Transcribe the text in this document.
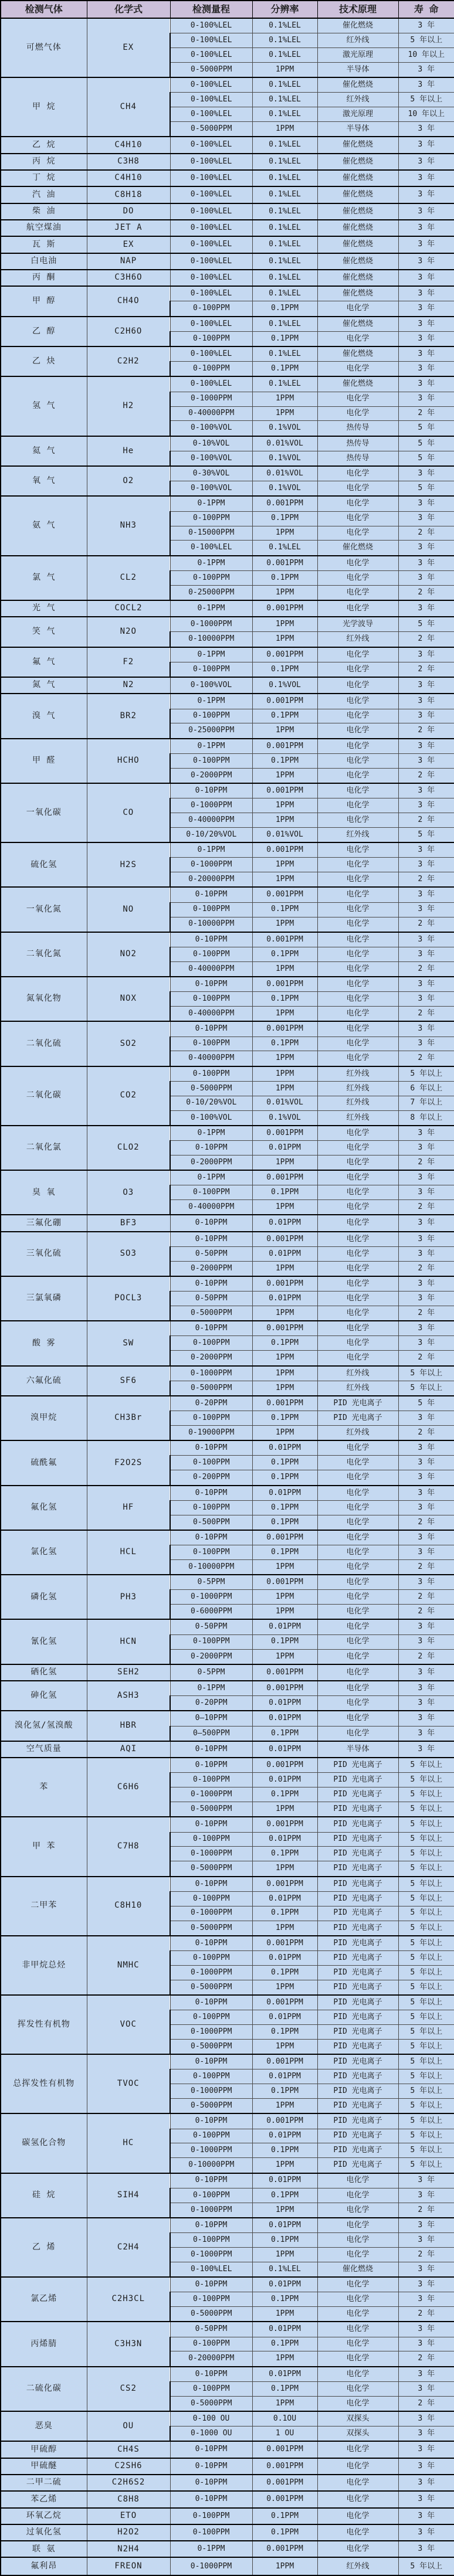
检测气体	化学式	检测量程	分辨率	技术原理	寿 命
可燃气体	EX	0-100%LEL	0.1%LEL	催化燃烧	3 年
		0-100%LEL	0.1%LEL	红外线	5 年以上
		0-100%LEL	0.1%LEL	激光原理	10 年以上
		0-5000PPM	1PPM	半导体	3 年
甲 烷	CH4	0-100%LEL	0.1%LEL	催化燃烧	3 年
		0-100%LEL	0.1%LEL	红外线	5 年以上
		0-100%LEL	0.1%LEL	激光原理	10 年以上
		0-5000PPM	1PPM	半导体	3 年
乙 烷	C4H10	0-100%LEL	0.1%LEL	催化燃烧	3 年
丙 烷	C3H8	0-100%LEL	0.1%LEL	催化燃烧	3 年
丁 烷	C4H10	0-100%LEL	0.1%LEL	催化燃烧	3 年
汽 油	C8H18	0-100%LEL	0.1%LEL	催化燃烧	3 年
柴 油	DO	0-100%LEL	0.1%LEL	催化燃烧	3 年
航空煤油	JET A	0-100%LEL	0.1%LEL	催化燃烧	3 年
瓦 斯	EX	0-100%LEL	0.1%LEL	催化燃烧	3 年
白电油	NAP	0-100%LEL	0.1%LEL	催化燃烧	3 年
丙 酮	C3H6O	0-100%LEL	0.1%LEL	催化燃烧	3 年
甲 醇	CH4O	0-100%LEL	0.1%LEL	催化燃烧	3 年
		0-100PPM	0.1PPM	电化学	3 年
乙 醇	C2H6O	0-100%LEL	0.1%LEL	催化燃烧	3 年
		0-100PPM	0.1PPM	电化学	3 年
乙 炔	C2H2	0-100%LEL	0.1%LEL	催化燃烧	3 年
		0-100PPM	0.1PPM	电化学	3 年
氢 气	H2	0-100%LEL	0.1%LEL	催化燃烧	3 年
		0-1000PPM	1PPM	电化学	3 年
		0-40000PPM	1PPM	电化学	2 年
		0-100%VOL	0.1%VOL	热传导	5 年
氦 气	He	0-10%VOL	0.01%VOL	热传导	5 年
		0-100%VOL	0.1%VOL	热传导	5 年
氧 气	O2	0-30%VOL	0.01%VOL	电化学	3 年
		0-100%VOL	0.1%VOL	电化学	5 年
氨 气	NH3	0-1PPM	0.001PPM	电化学	3 年
		0-100PPM	0.1PPM	电化学	3 年
		0-15000PPM	1PPM	电化学	2 年
		0-100%LEL	0.1%LEL	催化燃烧	3 年
氯 气	CL2	0-1PPM	0.001PPM	电化学	3 年
		0-100PPM	0.1PPM	电化学	3 年
		0-25000PPM	1PPM	电化学	2 年
光 气	COCL2	0-1PPM	0.001PPM	电化学	3 年
笑 气	N2O	0-1000PPM	1PPM	光学波导	5 年
		0-10000PPM	1PPM	红外线	2 年
氟 气	F2	0-1PPM	0.001PPM	电化学	3 年
		0-100PPM	0.1PPM	电化学	2 年
氮 气	N2	0-100%VOL	0.1%VOL	电化学	3 年
溴 气	BR2	0-1PPM	0.001PPM	电化学	3 年
		0-100PPM	0.1PPM	电化学	3 年
		0-25000PPM	1PPM	电化学	2 年
甲 醛	HCHO	0-1PPM	0.001PPM	电化学	3 年
		0-100PPM	0.1PPM	电化学	3 年
		0-2000PPM	1PPM	电化学	2 年
一氧化碳	CO	0-10PPM	0.001PPM	电化学	3 年
		0-1000PPM	1PPM	电化学	3 年
		0-40000PPM	1PPM	电化学	2 年
		0-10/20%VOL	0.01%VOL	红外线	5 年
硫化氢	H2S	0-1PPM	0.001PPM	电化学	3 年
		0-1000PPM	1PPM	电化学	3 年
		0-20000PPM	1PPM	电化学	2 年
一氧化氮	NO	0-10PPM	0.001PPM	电化学	3 年
		0-100PPM	0.1PPM	电化学	3 年
		0-10000PPM	1PPM	电化学	2 年
二氧化氮	NO2	0-10PPM	0.001PPM	电化学	3 年
		0-100PPM	0.1PPM	电化学	3 年
		0-40000PPM	1PPM	电化学	2 年
氮氧化物	NOX	0-10PPM	0.001PPM	电化学	3 年
		0-100PPM	0.1PPM	电化学	3 年
		0-40000PPM	1PPM	电化学	2 年
二氧化硫	SO2	0-10PPM	0.001PPM	电化学	3 年
		0-100PPM	0.1PPM	电化学	3 年
		0-40000PPM	1PPM	电化学	2 年
二氧化碳	CO2	0-100PPM	1PPM	红外线	5 年以上
		0-5000PPM	1PPM	红外线	6 年以上
		0-10/20%VOL	0.01%VOL	红外线	7 年以上
		0-100%VOL	0.1%VOL	红外线	8 年以上
二氧化氯	CLO2	0-1PPM	0.001PPM	电化学	3 年
		0-10PPM	0.01PPM	电化学	3 年
		0-2000PPM	1PPM	电化学	2 年
臭 氧	O3	0-1PPM	0.001PPM	电化学	3 年
		0-100PPM	0.1PPM	电化学	3 年
		0-40000PPM	1PPM	电化学	2 年
三氟化硼	BF3	0-10PPM	0.01PPM	电化学	3 年
三氧化硫	SO3	0-10PPM	0.001PPM	电化学	3 年
		0-50PPM	0.01PPM	电化学	3 年
		0-2000PPM	1PPM	电化学	2 年
三氯氧磷	POCL3	0-10PPM	0.001PPM	电化学	3 年
		0-50PPM	0.01PPM	电化学	3 年
		0-5000PPM	1PPM	电化学	2 年
酸 雾	SW	0-10PPM	0.001PPM	电化学	3 年
		0-100PPM	0.1PPM	电化学	3 年
		0-2000PPM	1PPM	电化学	2 年
六氟化硫	SF6	0-1000PPM	1PPM	红外线	5 年以上
		0-5000PPM	1PPM	红外线	5 年以上
溴甲烷	CH3Br	0-20PPM	0.001PPM	PID 光电离子	5 年
		0-100PPM	0.1PPM	PID 光电离子	3 年
		0-19000PPM	1PPM	红外线	2 年
硫酰氟	F2O2S	0-10PPM	0.01PPM	电化学	3 年
		0-100PPM	0.1PPM	电化学	3 年
		0-200PPM	0.1PPM	电化学	3 年
氟化氢	HF	0-10PPM	0.01PPM	电化学	3 年
		0-100PPM	0.1PPM	电化学	3 年
		0-500PPM	0.1PPM	电化学	2 年
氯化氢	HCL	0-10PPM	0.001PPM	电化学	3 年
		0-100PPM	0.1PPM	电化学	3 年
		0-10000PPM	1PPM	电化学	2 年
磷化氢	PH3	0-5PPM	0.001PPM	电化学	3 年
		0-1000PPM	1PPM	电化学	2 年
		0-6000PPM	1PPM	电化学	2 年
氰化氢	HCN	0-50PPM	0.01PPM	电化学	3 年
		0-100PPM	0.1PPM	电化学	3 年
		0-2000PPM	1PPM	电化学	2 年
硒化氢	SEH2	0-5PPM	0.001PPM	电化学	3 年
砷化氢	ASH3	0-1PPM	0.001PPM	电化学	3 年
		0-20PPM	0.01PPM	电化学	3 年
溴化氢/氢溴酸	HBR	0—10PPM	0.01PPM	电化学	3 年
		0—500PPM	0.1PPM	电化学	3 年
空气质量	AQI	0-10PPM	0.01PPM	半导体	3 年
苯	C6H6	0-10PPM	0.001PPM	PID 光电离子	5 年以上
		0-100PPM	0.01PPM	PID 光电离子	5 年以上
		0-1000PPM	0.1PPM	PID 光电离子	5 年以上
		0-5000PPM	1PPM	PID 光电离子	5 年以上
甲 苯	C7H8	0-10PPM	0.001PPM	PID 光电离子	5 年以上
		0-100PPM	0.01PPM	PID 光电离子	5 年以上
		0-1000PPM	0.1PPM	PID 光电离子	5 年以上
		0-5000PPM	1PPM	PID 光电离子	5 年以上
二甲苯	C8H10	0-10PPM	0.001PPM	PID 光电离子	5 年以上
		0-100PPM	0.01PPM	PID 光电离子	5 年以上
		0-1000PPM	0.1PPM	PID 光电离子	5 年以上
		0-5000PPM	1PPM	PID 光电离子	5 年以上
非甲烷总烃	NMHC	0-10PPM	0.001PPM	PID 光电离子	5 年以上
		0-100PPM	0.01PPM	PID 光电离子	5 年以上
		0-1000PPM	0.1PPM	PID 光电离子	5 年以上
		0-5000PPM	1PPM	PID 光电离子	5 年以上
挥发性有机物	VOC	0-10PPM	0.001PPM	PID 光电离子	5 年以上
		0-100PPM	0.01PPM	PID 光电离子	5 年以上
		0-1000PPM	0.1PPM	PID 光电离子	5 年以上
		0-5000PPM	1PPM	PID 光电离子	5 年以上
总挥发性有机物	TVOC	0-10PPM	0.001PPM	PID 光电离子	5 年以上
		0-100PPM	0.01PPM	PID 光电离子	5 年以上
		0-1000PPM	0.1PPM	PID 光电离子	5 年以上
		0-5000PPM	1PPM	PID 光电离子	5 年以上
碳氢化合物	HC	0-10PPM	0.001PPM	PID 光电离子	5 年以上
		0-100PPM	0.01PPM	PID 光电离子	5 年以上
		0-1000PPM	0.1PPM	PID 光电离子	5 年以上
		0-10000PPM	1PPM	PID 光电离子	5 年以上
硅 烷	SIH4	0-10PPM	0.01PPM	电化学	3 年
		0-100PPM	0.1PPM	电化学	3 年
		0-1000PPM	1PPM	电化学	2 年
乙 烯	C2H4	0-10PPM	0.01PPM	电化学	3 年
		0-100PPM	0.1PPM	电化学	3 年
		0-1000PPM	1PPM	电化学	2 年
		0-100%LEL	0.1%LEL	催化燃烧	3 年
氯乙烯	C2H3CL	0-10PPM	0.01PPM	电化学	3 年
		0-100PPM	0.1PPM	电化学	3 年
		0-5000PPM	1PPM	电化学	2 年
丙烯腈	C3H3N	0-50PPM	0.01PPM	电化学	3 年
		0-100PPM	0.1PPM	电化学	3 年
		0-20000PPM	1PPM	电化学	2 年
二硫化碳	CS2	0-10PPM	0.01PPM	电化学	3 年
		0-100PPM	0.1PPM	电化学	3 年
		0-5000PPM	1PPM	电化学	2 年
恶臭	OU	0-100 OU	0.1OU	双探头	3 年
		0-1000 OU	1 OU	双探头	3 年
甲硫醇	CH4S	0-10PPM	0.001PPM	电化学	3 年
甲硫醚	C2SH6	0-10PPM	0.001PPM	电化学	3 年
二甲二硫	C2H6S2	0-10PPM	0.001PPM	电化学	3 年
苯乙烯	C8H8	0-10PPM	0.001PPM	电化学	3 年
环氧乙烷	ETO	0-100PPM	0.1PPM	电化学	3 年
过氧化氢	H2O2	0-100PPM	0.1PPM	电化学	3 年
联 氨	N2H4	0-1PPM	0.001PPM	电化学	3 年
氟利昂	FREON	0-1000PPM	1PPM	红外线	5 年以上
